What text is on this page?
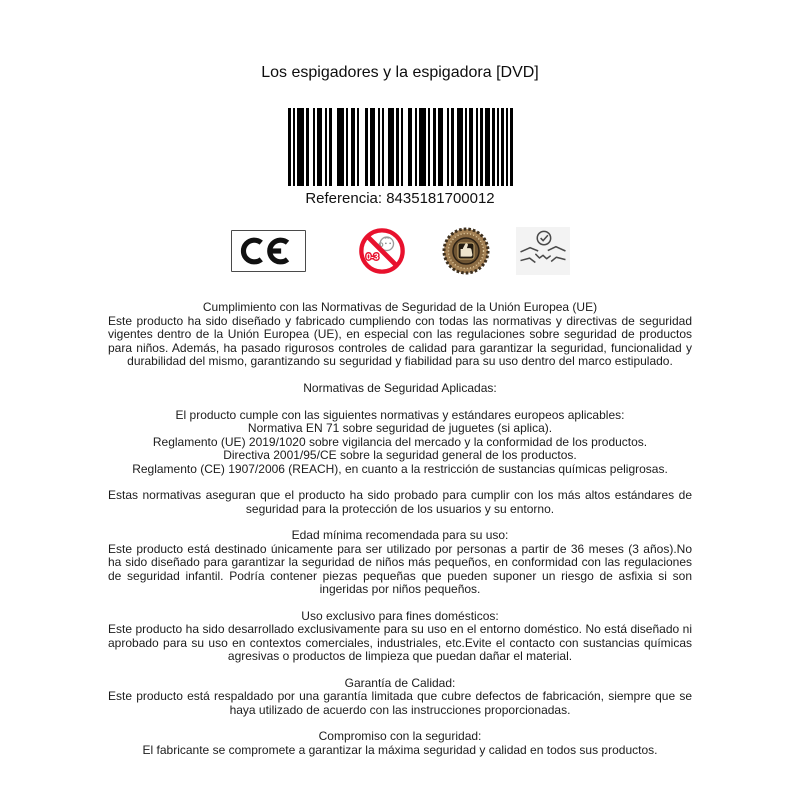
Los espigadores y la espigadora [DVD]
Referencia: 8435181700012
0-3
Cumplimiento con las Normativas de Seguridad de la Unión Europea (UE)
Este producto ha sido diseñado y fabricado cumpliendo con todas las normativas y directivas de seguridad vigentes dentro de la Unión Europea (UE), en especial con las regulaciones sobre seguridad de productos para niños. Además, ha pasado rigurosos controles de calidad para garantizar la seguridad, funcionalidad y durabilidad del mismo, garantizando su seguridad y fiabilidad para su uso dentro del marco estipulado.
Normativas de Seguridad Aplicadas:
El producto cumple con las siguientes normativas y estándares europeos aplicables:
Normativa EN 71 sobre seguridad de juguetes (si aplica).
Reglamento (UE) 2019/1020 sobre vigilancia del mercado y la conformidad de los productos.
Directiva 2001/95/CE sobre la seguridad general de los productos.
Reglamento (CE) 1907/2006 (REACH), en cuanto a la restricción de sustancias químicas peligrosas.
Estas normativas aseguran que el producto ha sido probado para cumplir con los más altos estándares de seguridad para la protección de los usuarios y su entorno.
Edad mínima recomendada para su uso:
Este producto está destinado únicamente para ser utilizado por personas a partir de 36 meses (3 años).No ha sido diseñado para garantizar la seguridad de niños más pequeños, en conformidad con las regulaciones de seguridad infantil. Podría contener piezas pequeñas que pueden suponer un riesgo de asfixia si son ingeridas por niños pequeños.
Uso exclusivo para fines domésticos:
Este producto ha sido desarrollado exclusivamente para su uso en el entorno doméstico. No está diseñado ni aprobado para su uso en contextos comerciales, industriales, etc.Evite el contacto con sustancias químicas agresivas o productos de limpieza que puedan dañar el material.
Garantía de Calidad:
Este producto está respaldado por una garantía limitada que cubre defectos de fabricación, siempre que se haya utilizado de acuerdo con las instrucciones proporcionadas.
Compromiso con la seguridad:
El fabricante se compromete a garantizar la máxima seguridad y calidad en todos sus productos.
